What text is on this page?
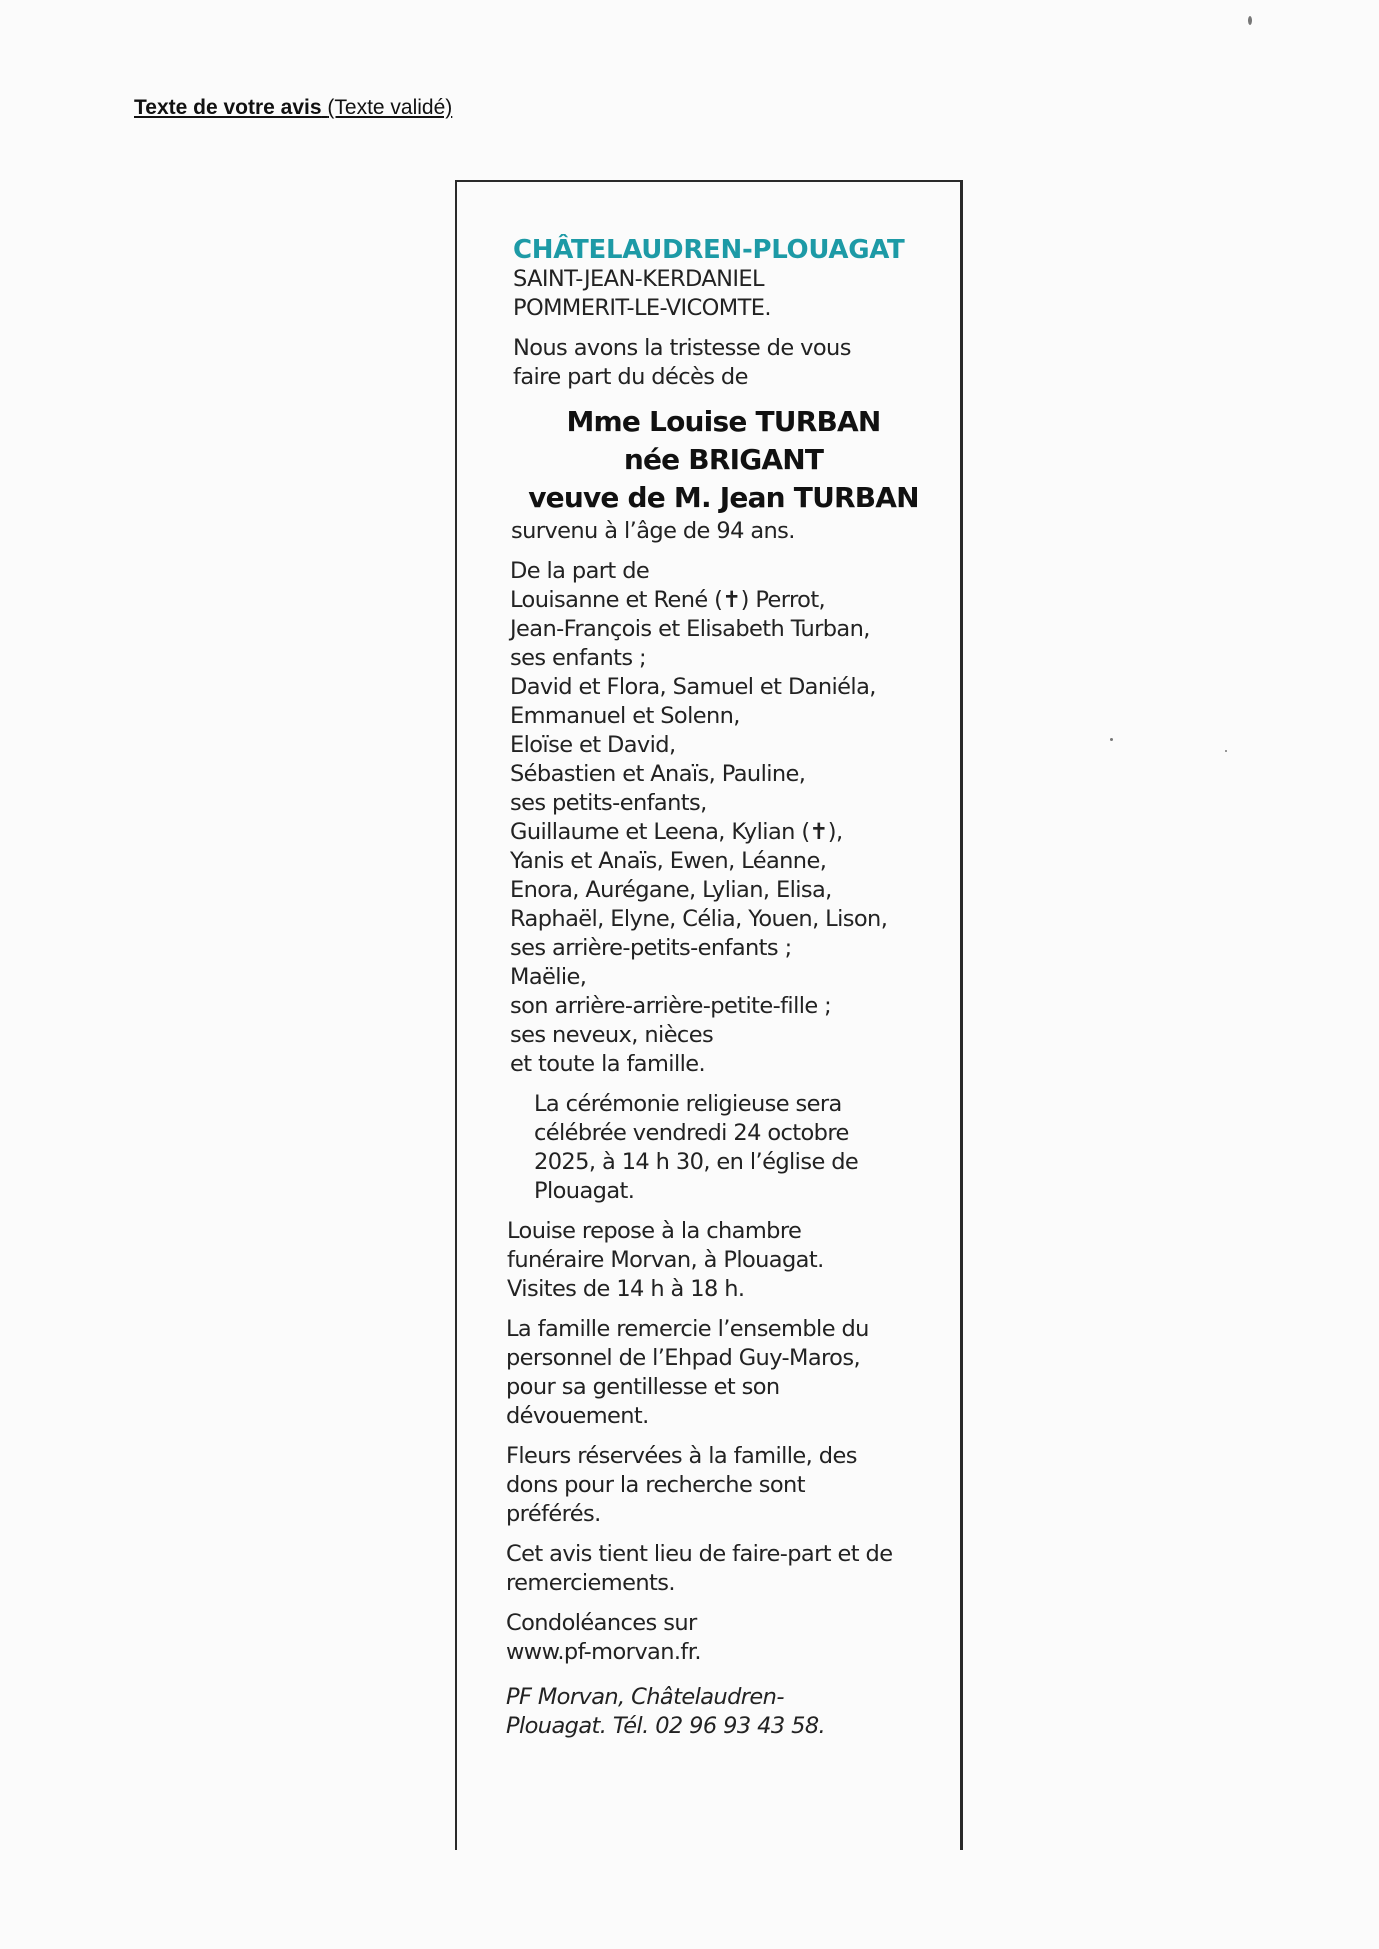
Texte de votre avis (Texte validé)

CHÂTELAUDREN-PLOUAGAT

SAINT-JEAN-KERDANIEL

POMMERIT-LE-VICOMTE.

Nous avons la tristesse de vous

faire part du décès de

Mme Louise TURBAN

née BRIGANT

veuve de M. Jean TURBAN

survenu à l’âge de 94 ans.

De la part de

Louisanne et René (✝) Perrot,

Jean-François et Elisabeth Turban,

ses enfants ;

David et Flora, Samuel et Daniéla,

Emmanuel et Solenn,

Eloïse et David,

Sébastien et Anaïs, Pauline,

ses petits-enfants,

Guillaume et Leena, Kylian (✝),

Yanis et Anaïs, Ewen, Léanne,

Enora, Aurégane, Lylian, Elisa,

Raphaël, Elyne, Célia, Youen, Lison,

ses arrière-petits-enfants ;

Maëlie,

son arrière-arrière-petite-fille ;

ses neveux, nièces

et toute la famille.

La cérémonie religieuse sera

célébrée vendredi 24 octobre

2025, à 14 h 30, en l’église de

Plouagat.

Louise repose à la chambre

funéraire Morvan, à Plouagat.

Visites de 14 h à 18 h.

La famille remercie l’ensemble du

personnel de l’Ehpad Guy-Maros,

pour sa gentillesse et son

dévouement.

Fleurs réservées à la famille, des

dons pour la recherche sont

préférés.

Cet avis tient lieu de faire-part et de

remerciements.

Condoléances sur

www.pf-morvan.fr.

PF Morvan, Châtelaudren-

Plouagat. Tél. 02 96 93 43 58.
